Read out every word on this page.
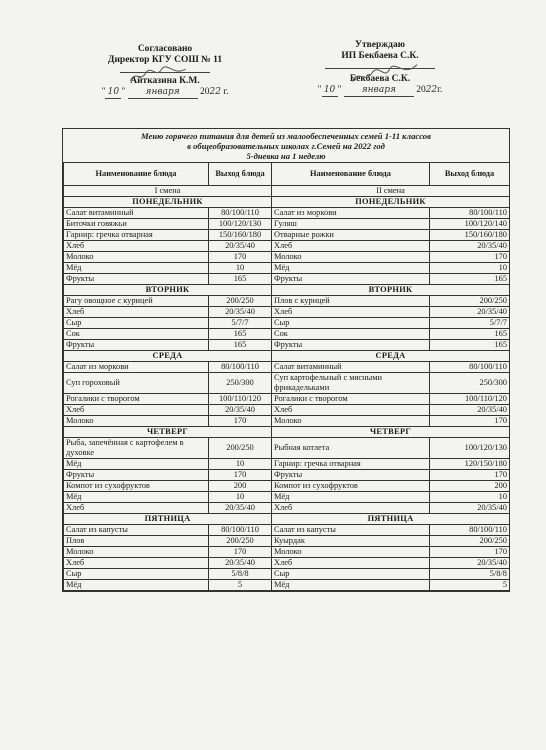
Согласовано
Директор КГУ СОШ № 11
Айтказина К.М.
" 10 " января 2022 г.
Утверждаю
ИП Бекбаева С.К.
Бекбаева С.К.
" 10 " января 2022г.
Меню горячего питания для детей из малообеспеченных семей 1-11 классов
в общеобразовательных школах г.Семей на 2022 год
5-дневка на 1 неделю
Наименование блюда	Выход блюда	Наименование блюда	Выход блюда
I смена		II смена	
ПОНЕДЕЛЬНИК		ПОНЕДЕЛЬНИК	
Салат витаминный	80/100/110	Салат из моркови	80/100/110
Биточки говяжьи	100/120/130	Гуляш	100/120/140
Гарнир: гречка отварная	150/160/180	Отварные рожки	150/160/180
Хлеб	20/35/40	Хлеб	20/35/40
Молоко	170	Молоко	170
Мёд	10	Мёд	10
Фрукты	165	Фрукты	165
ВТОРНИК		ВТОРНИК	
Рагу овощное с курицей	200/250	Плов с курицей	200/250
Хлеб	20/35/40	Хлеб	20/35/40
Сыр	5/7/7	Сыр	5/7/7
Сок	165	Сок	165
Фрукты	165	Фрукты	165
СРЕДА		СРЕДА	
Салат из моркови	80/100/110	Салат витаминный	80/100/110
Суп гороховый	250/300	Суп картофельный с мясными фрикадельками	250/300
Рогалики с творогом	100/110/120	Рогалики с творогом	100/110/120
Хлеб	20/35/40	Хлеб	20/35/40
Молоко	170	Молоко	170
ЧЕТВЕРГ		ЧЕТВЕРГ	
Рыба, запечённая с картофелем в духовке	200/250	Рыбная котлета	100/120/130
Мёд	10	Гарнир: гречка отварная	120/150/180
Фрукты	170	Фрукты	170
Компот из сухофруктов	200	Компот из сухофруктов	200
Мёд	10	Мёд	10
Хлеб	20/35/40	Хлеб	20/35/40
ПЯТНИЦА		ПЯТНИЦА	
Салат из капусты	80/100/110	Салат из капусты	80/100/110
Плов	200/250	Куырдак	200/250
Молоко	170	Молоко	170
Хлеб	20/35/40	Хлеб	20/35/40
Сыр	5/8/8	Сыр	5/8/8
Мёд	5	Мёд	5
